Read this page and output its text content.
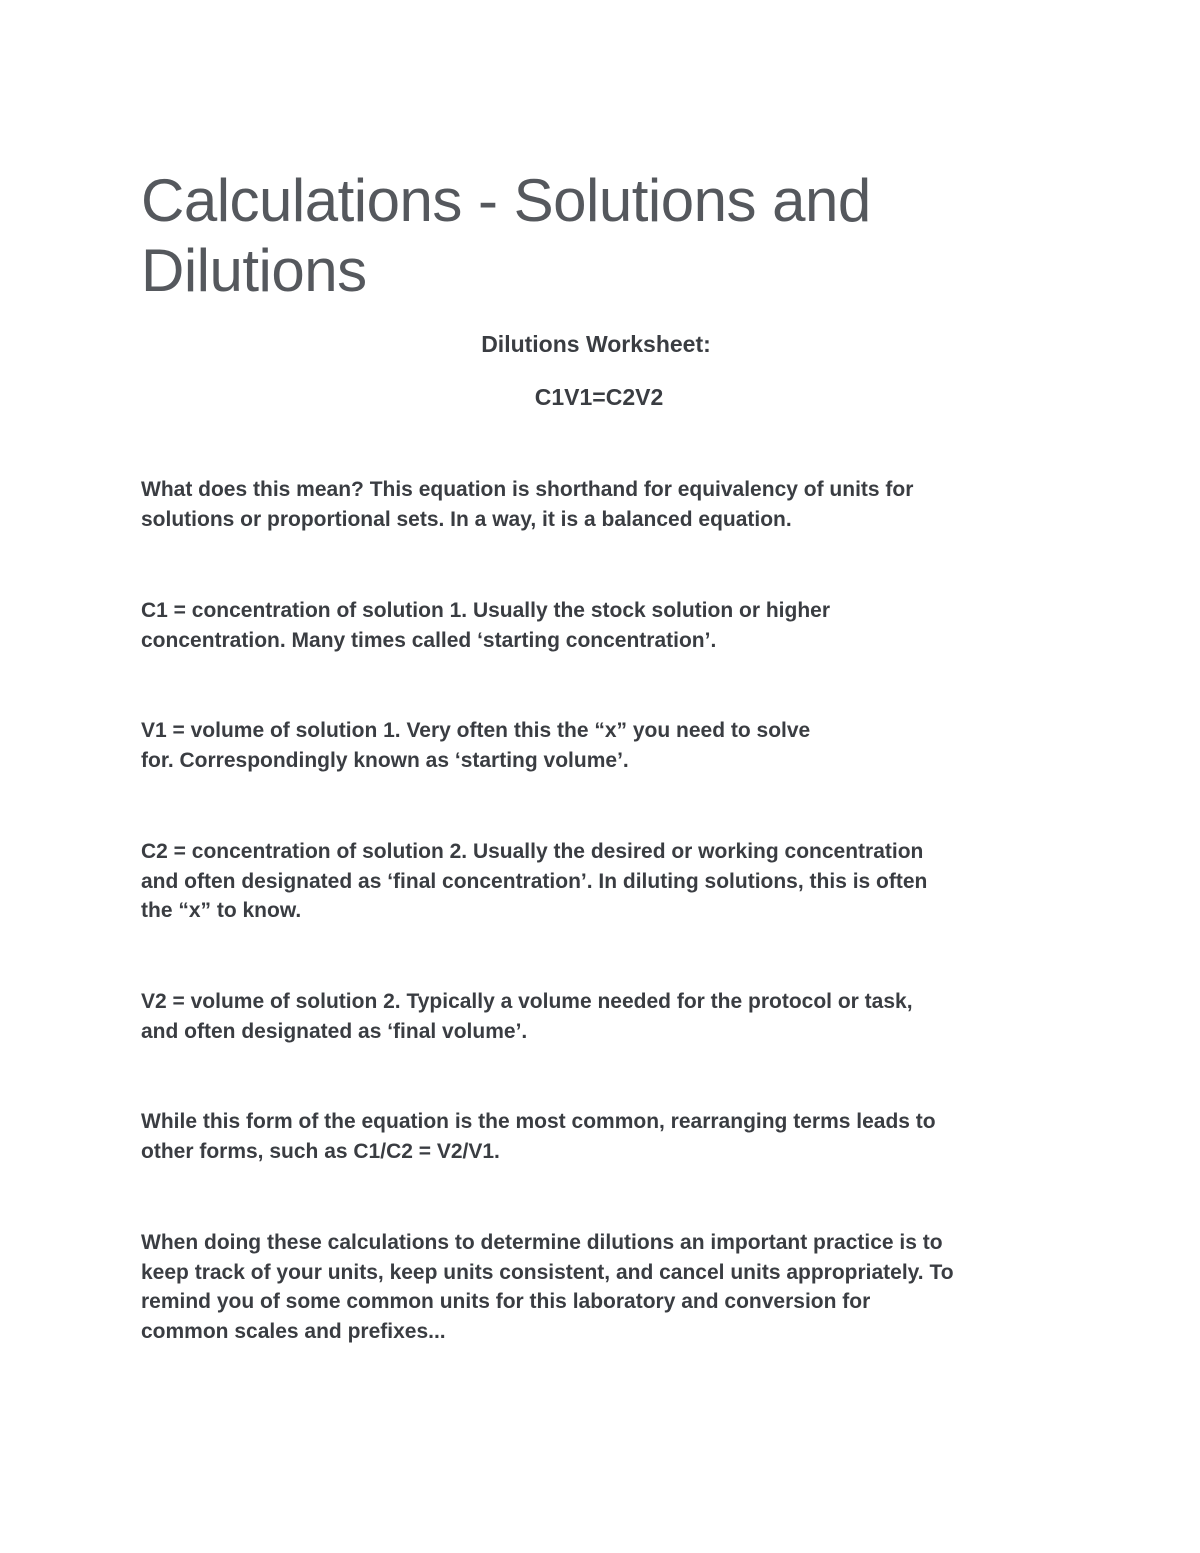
Calculations - Solutions and
Dilutions
Dilutions Worksheet:
C1V1=C2V2

What does this mean? This equation is shorthand for equivalency of units for
solutions or proportional sets. In a way, it is a balanced equation.

C1 = concentration of solution 1. Usually the stock solution or higher
concentration. Many times called ‘starting concentration’.

V1 = volume of solution 1. Very often this the “x” you need to solve
for. Correspondingly known as ‘starting volume’.

C2 = concentration of solution 2. Usually the desired or working concentration
and often designated as ‘final concentration’. In diluting solutions, this is often
the “x” to know.

V2 = volume of solution 2. Typically a volume needed for the protocol or task,
and often designated as ‘final volume’.

While this form of the equation is the most common, rearranging terms leads to
other forms, such as C1/C2 = V2/V1.

When doing these calculations to determine dilutions an important practice is to
keep track of your units, keep units consistent, and cancel units appropriately. To
remind you of some common units for this laboratory and conversion for
common scales and prefixes...
